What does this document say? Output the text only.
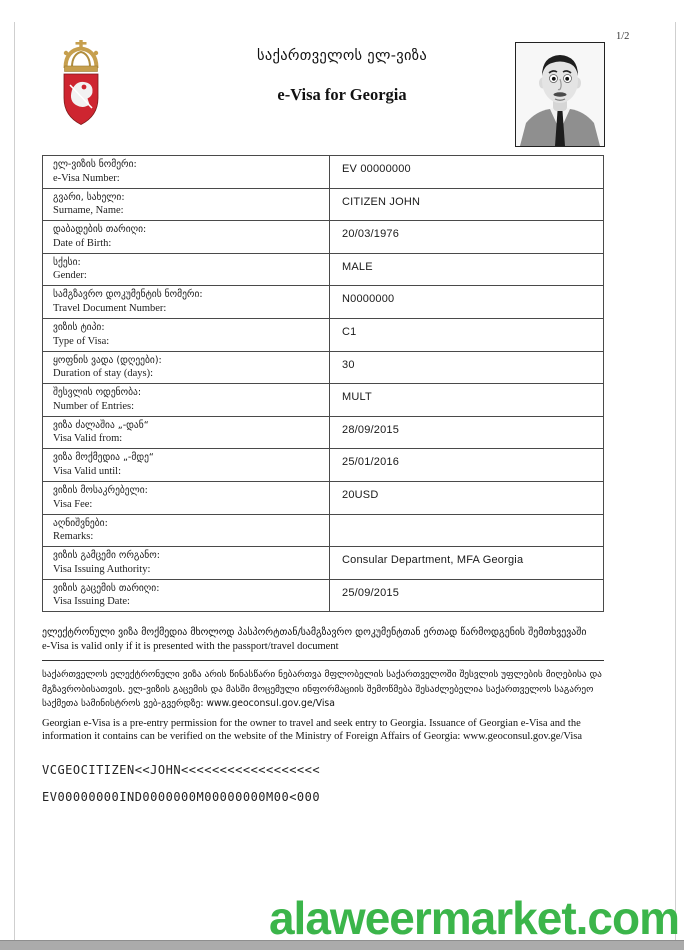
საქართველოს ელ-ვიზა
e-Visa for Georgia
1/2
ელ-ვიზის ნომერი:
e-Visa Number:
EV 00000000
გვარი, სახელი:
Surname, Name:
CITIZEN JOHN
დაბადების თარიღი:
Date of Birth:
20/03/1976
სქესი:
Gender:
MALE
სამგზავრო დოკუმენტის ნომერი:
Travel Document Number:
N0000000
ვიზის ტიპი:
Type of Visa:
C1
ყოფნის ვადა (დღეები):
Duration of stay (days):
30
შესვლის ოდენობა:
Number of Entries:
MULT
ვიზა ძალაშია „-დან“
Visa Valid from:
28/09/2015
ვიზა მოქმედია „-მდე“
Visa Valid until:
25/01/2016
ვიზის მოსაკრებელი:
Visa Fee:
20USD
აღნიშვნები:
Remarks:
ვიზის გამცემი ორგანო:
Visa Issuing Authority:
Consular Department, MFA Georgia
ვიზის გაცემის თარიღი:
Visa Issuing Date:
25/09/2015
ელექტრონული ვიზა მოქმედია მხოლოდ პასპორტთან/სამგზავრო დოკუმენტთან ერთად წარმოდგენის შემთხვევაში
e-Visa is valid only if it is presented with the passport/travel document
საქართველოს ელექტრონული ვიზა არის წინასწარი ნებართვა მფლობელის საქართველოში შესვლის უფლების მიღებისა და მგზავრობისათვის. ელ-ვიზის გაცემის და მასში მოცემული ინფორმაციის შემოწმება შესაძლებელია საქართველოს საგარეო საქმეთა სამინისტროს ვებ-გვერდზე: www.geoconsul.gov.ge/Visa
Georgian e-Visa is a pre-entry permission for the owner to travel and seek entry to Georgia. Issuance of Georgian e-Visa and the information it contains can be verified on the website of the Ministry of Foreign Affairs of Georgia: www.geoconsul.gov.ge/Visa
VCGEOCITIZEN<<JOHN<<<<<<<<<<<<<<<<<<
EV00000000IND0000000M00000000M00<000
alaweermarket.com
